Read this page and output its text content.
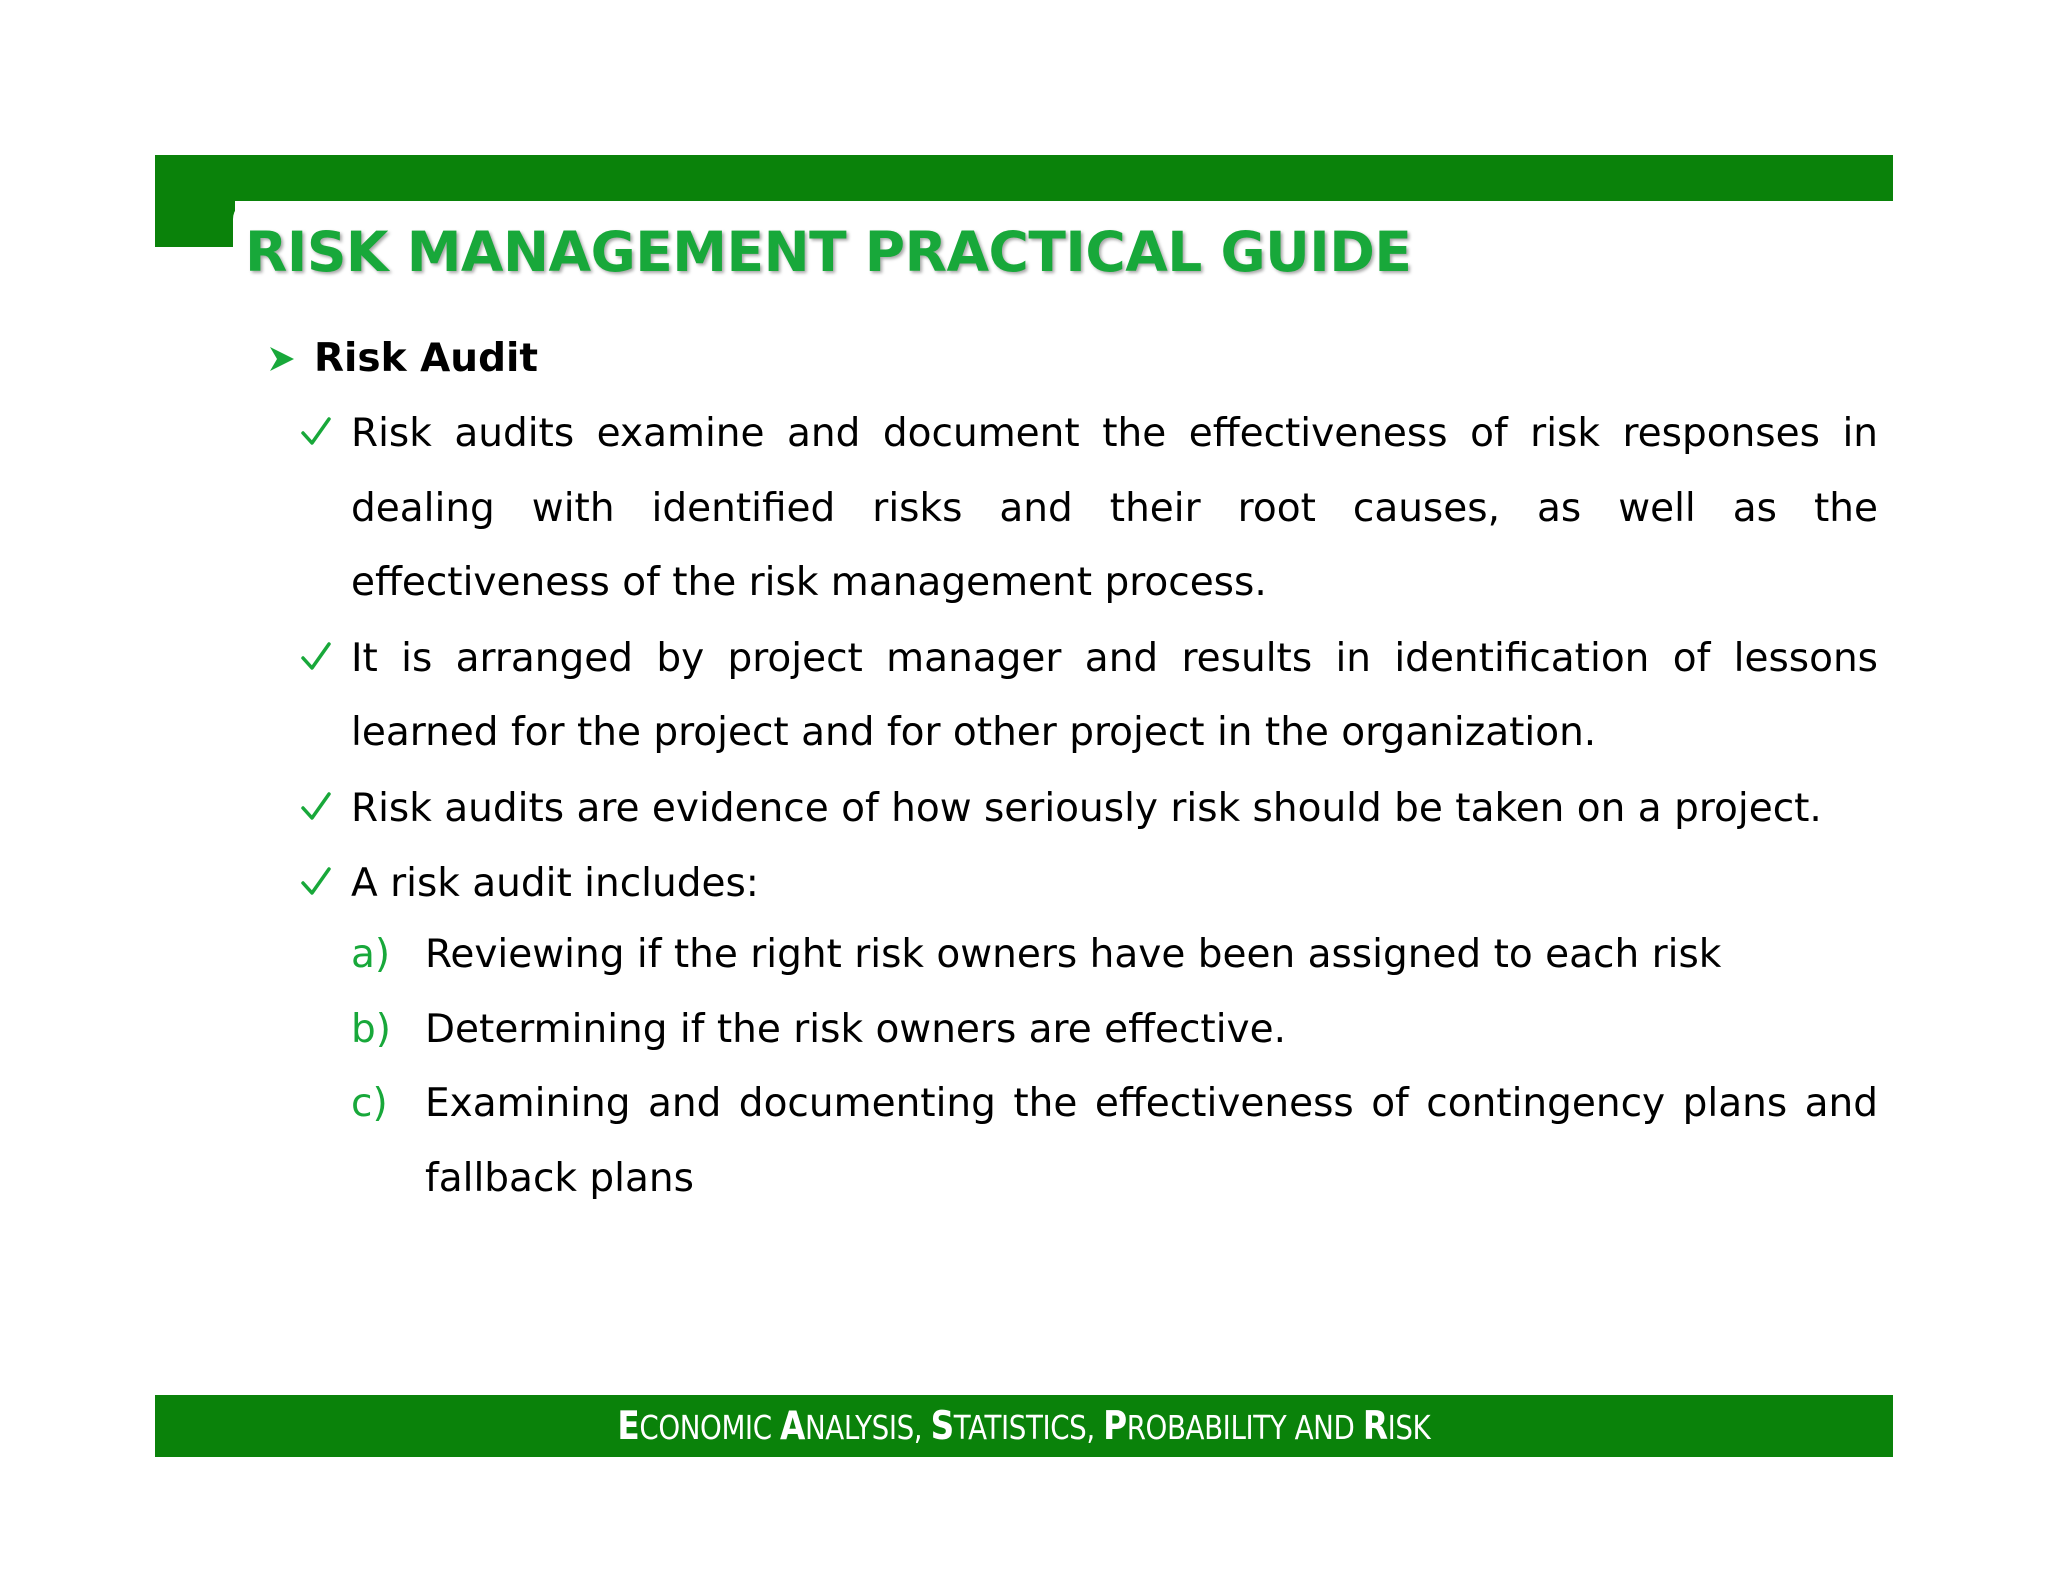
RISK MANAGEMENT PRACTICAL GUIDE
Risk Audit
Risk audits examine and document the effectiveness of risk responses in dealing with identified risks and their root causes, as well as the effectiveness of the risk management process.
It is arranged by project manager and results in identification of lessons learned for the project and for other project in the organization.
Risk audits are evidence of how seriously risk should be taken on a project.
A risk audit includes:
a) Reviewing if the right risk owners have been assigned to each risk
b) Determining if the risk owners are effective.
c) Examining and documenting the effectiveness of contingency plans and fallback plans
ECONOMIC ANALYSIS, STATISTICS, PROBABILITY AND RISK
